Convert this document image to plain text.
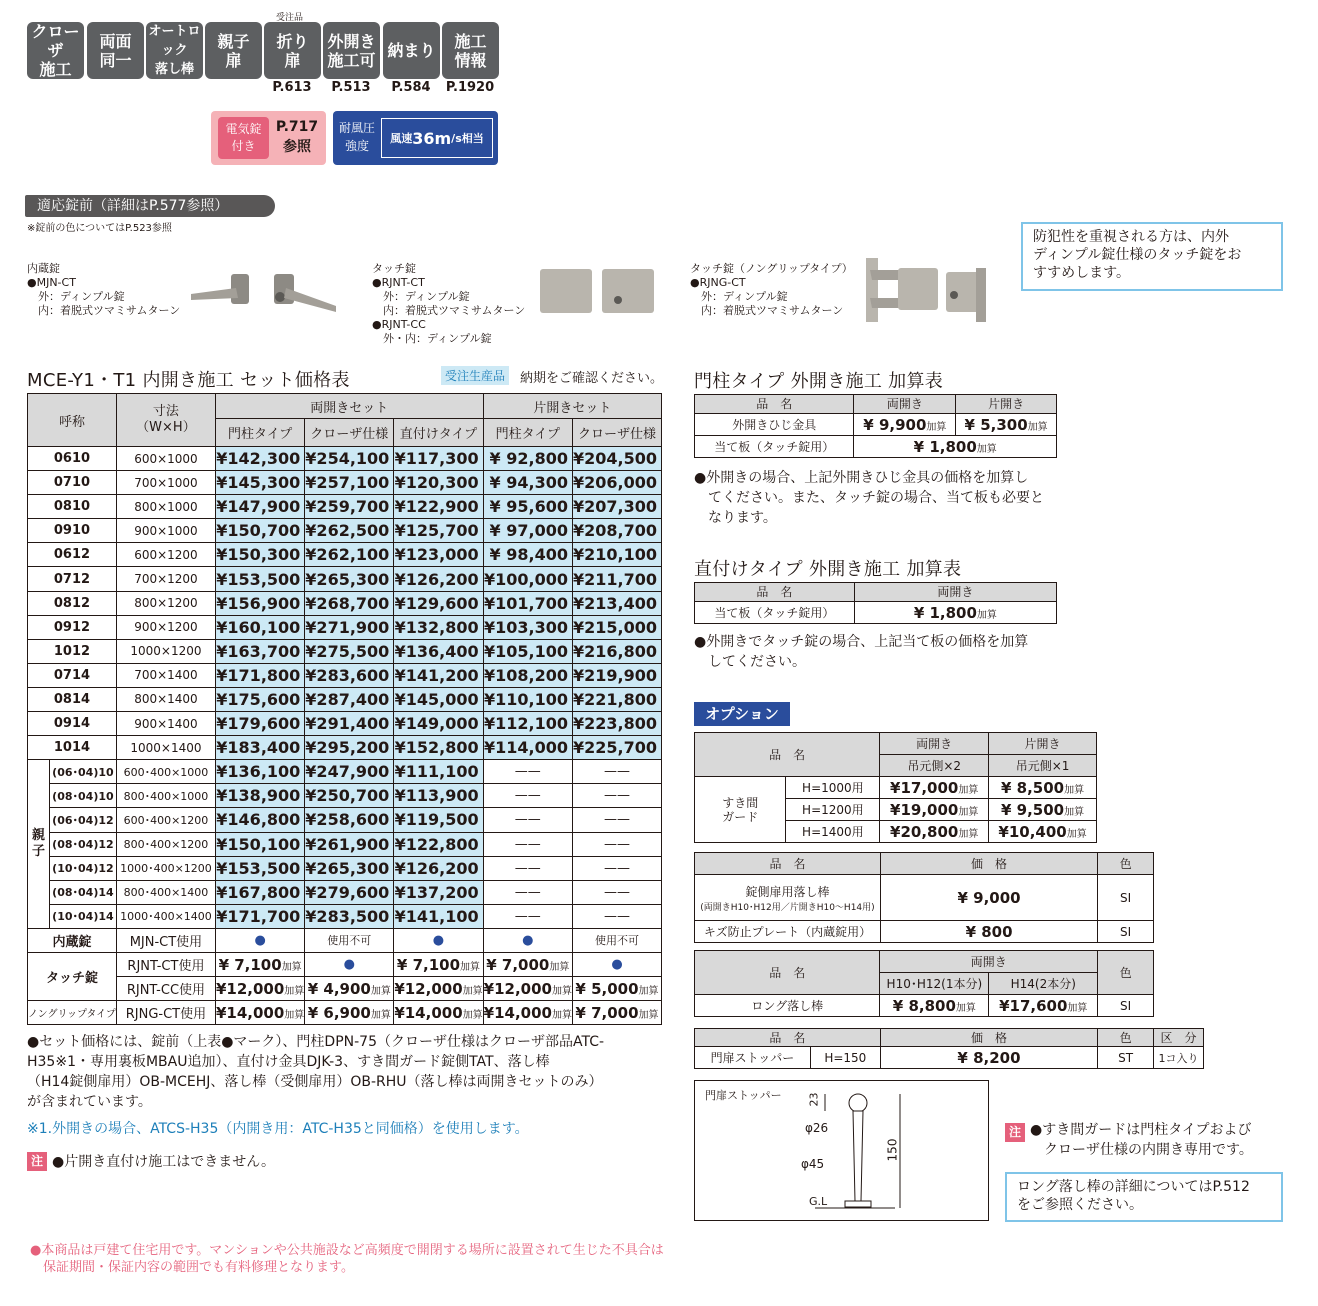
クローザ
施工
両面
同一
オートロック
落し棒
親子
扉
折り
扉
外開き
施工可 納まり	施工
情報
受注品
P.613	P.513	P.584	P.1920
電気錠
付き
P.717
参照
耐風圧
強度
風速 36m /s相当
適応錠前（詳細はP.577参照）
※錠前の色についてはP.523参照
内蔵錠
●MJN-CT
　外：ディンプル錠
　内：着脱式ツマミサムターン
タッチ錠
●RJNT-CT
　外：ディンプル錠
　内：着脱式ツマミサムターン
●RJNT-CC
　外・内：ディンプル錠
タッチ錠（ノングリップタイプ）
●RJNG-CT
　外：ディンプル錠
　内：着脱式ツマミサムターン
防犯性を重視される方は、内外
ディンプル錠仕様のタッチ錠をお
すすめします。
MCE-Y1・T1 内開き施工 セット価格表	受注生産品	納期をご確認ください。
呼称		寸法
（W×H）	両開きセット			片開きセット	
			門柱タイプ	クローザ仕様	直付けタイプ	門柱タイプ	クローザ仕様
0610		600×1000	¥142,300	¥254,100	¥117,300	¥ 92,800	¥204,500
0710		700×1000	¥145,300	¥257,100	¥120,300	¥ 94,300	¥206,000
0810		800×1000	¥147,900	¥259,700	¥122,900	¥ 95,600	¥207,300
0910		900×1000	¥150,700	¥262,500	¥125,700	¥ 97,000	¥208,700
0612		600×1200	¥150,300	¥262,100	¥123,000	¥ 98,400	¥210,100
0712		700×1200	¥153,500	¥265,300	¥126,200	¥100,000	¥211,700
0812		800×1200	¥156,900	¥268,700	¥129,600	¥101,700	¥213,400
0912		900×1200	¥160,100	¥271,900	¥132,800	¥103,300	¥215,000
1012		1000×1200	¥163,700	¥275,500	¥136,400	¥105,100	¥216,800
0714		700×1400	¥171,800	¥283,600	¥141,200	¥108,200	¥219,900
0814		800×1400	¥175,600	¥287,400	¥145,000	¥110,100	¥221,800
0914		900×1400	¥179,600	¥291,400	¥149,000	¥112,100	¥223,800
1014		1000×1400	¥183,400	¥295,200	¥152,800	¥114,000	¥225,700
親
子	(06･04)10	600･400×1000	¥136,100	¥247,900	¥111,100	——	——
	(08･04)10	800･400×1000	¥138,900	¥250,700	¥113,900	——	——
	(06･04)12	600･400×1200	¥146,800	¥258,600	¥119,500	——	——
	(08･04)12	800･400×1200	¥150,100	¥261,900	¥122,800	——	——
	(10･04)12	1000･400×1200	¥153,500	¥265,300	¥126,200	——	——
	(08･04)14	800･400×1400	¥167,800	¥279,600	¥137,200	——	——
	(10･04)14	1000･400×1400	¥171,700	¥283,500	¥141,100	——	——
内蔵錠		MJN-CT使用	●	使用不可	●	●	使用不可
タッチ錠		RJNT-CT使用	¥ 7,100加算	●	¥ 7,100加算	¥ 7,000加算	●
		RJNT-CC使用	¥12,000加算	¥ 4,900加算	¥12,000加算	¥12,000加算	¥ 5,000加算
ノングリップタイプ		RJNG-CT使用	¥14,000加算	¥ 6,900加算	¥14,000加算	¥14,000加算	¥ 7,000加算
●セット価格には、錠前（上表●マーク）、門柱DPN-75（クローザ仕様はクローザ部品ATC-
H35※1・専用裏板MBAU追加）、直付け金具DJK-3、すき間ガード錠側TAT、落し棒
（H14錠側扉用）OB-MCEHJ、落し棒（受側扉用）OB-RHU（落し棒は両開きセットのみ）
が含まれています。
※1.外開きの場合、ATCS-H35（内開き用：ATC-H35と同価格）を使用します。
注 ●片開き直付け施工はできません。
●本商品は戸建て住宅用です。マンションや公共施設など高頻度で開閉する場所に設置されて生じた不具合は
　保証期間・保証内容の範囲でも有料修理となります。
門柱タイプ 外開き施工 加算表
品　名	両開き	片開き
外開きひじ金具	¥ 9,900加算	¥ 5,300加算
当て板（タッチ錠用）	¥ 1,800加算	
●外開きの場合、上記外開きひじ金具の価格を加算し
　てください。また、タッチ錠の場合、当て板も必要と
　なります。
直付けタイプ 外開き施工 加算表
品　名	両開き
当て板（タッチ錠用）	¥ 1,800加算
●外開きでタッチ錠の場合、上記当て板の価格を加算
　してください。
オプション
品　名		両開き	片開き
		吊元側×2	吊元側×1
すき間
ガード	H=1000用	¥17,000加算	¥ 8,500加算
	H=1200用	¥19,000加算	¥ 9,500加算
	H=1400用	¥20,800加算	¥10,400加算
品　名	価　格	色

錠側扉用落し棒
(両開きH10･H12用／片開きH10～H14用)	¥ 9,000	SI
キズ防止プレート（内蔵錠用）	¥ 800	SI
品　名	両開き		色
	H10･H12(1本分)	H14(2本分)	
ロング落し棒	¥ 8,800加算	¥17,600加算	SI
品　名		価　格	色	区　分
門扉ストッパー	H=150	¥ 8,200	ST	1コ入り
門扉ストッパー 23
φ26
φ45
150
G.L
注 ●すき間ガードは門柱タイプおよび
　クローザ仕様の内開き専用です。
ロング落し棒の詳細についてはP.512
をご参照ください。
